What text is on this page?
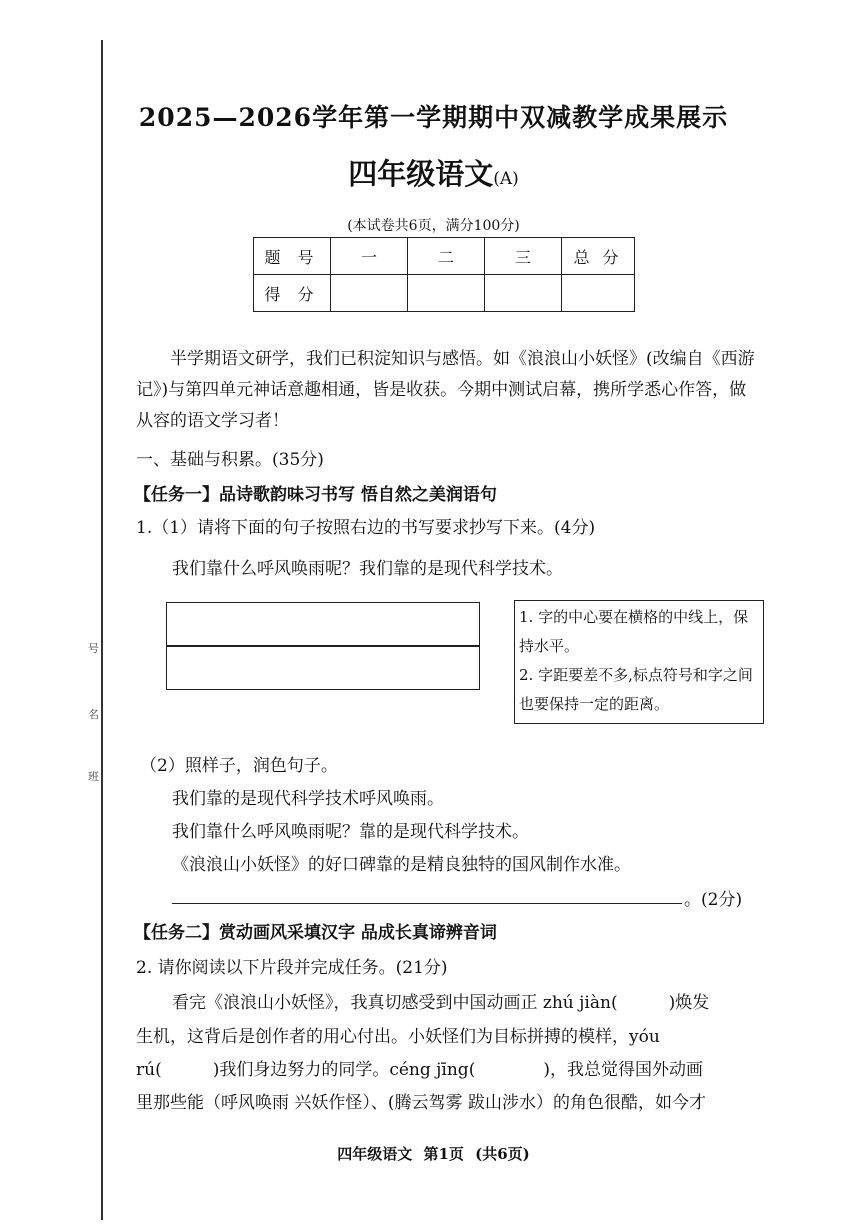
号
名
班
2025—2026学年第一学期期中双减教学成果展示
四年级语文(A)
(本试卷共6页，满分100分)
题 号	一	二	三	总 分
得 分				
半学期语文研学，我们已积淀知识与感悟。如《浪浪山小妖怪》(改编自《西游记》)与第四单元神话意趣相通，皆是收获。今期中测试启幕，携所学悉心作答，做从容的语文学习者！
一、基础与积累。(35分)
【任务一】品诗歌韵味习书写 悟自然之美润语句
1.（1）请将下面的句子按照右边的书写要求抄写下来。(4分)
我们靠什么呼风唤雨呢？我们靠的是现代科学技术。
1. 字的中心要在横格的中线上，保持水平。
2. 字距要差不多,标点符号和字之间也要保持一定的距离。
（2）照样子，润色句子。
我们靠的是现代科学技术呼风唤雨。
我们靠什么呼风唤雨呢？靠的是现代科学技术。
《浪浪山小妖怪》的好口碑靠的是精良独特的国风制作水准。
。(2分)
【任务二】赏动画风采填汉字 品成长真谛辨音词
2. 请你阅读以下片段并完成任务。(21分)
看完《浪浪山小妖怪》，我真切感受到中国动画正 zhú jiàn(　　　)焕发
生机，这背后是创作者的用心付出。小妖怪们为目标拼搏的模样，yóu
rú(　　　)我们身边努力的同学。céng jīng(　　　　)，我总觉得国外动画
里那些能（呼风唤雨 兴妖作怪）、(腾云驾雾 跋山涉水）的角色很酷，如今才
四年级语文 第1页 (共6页)
